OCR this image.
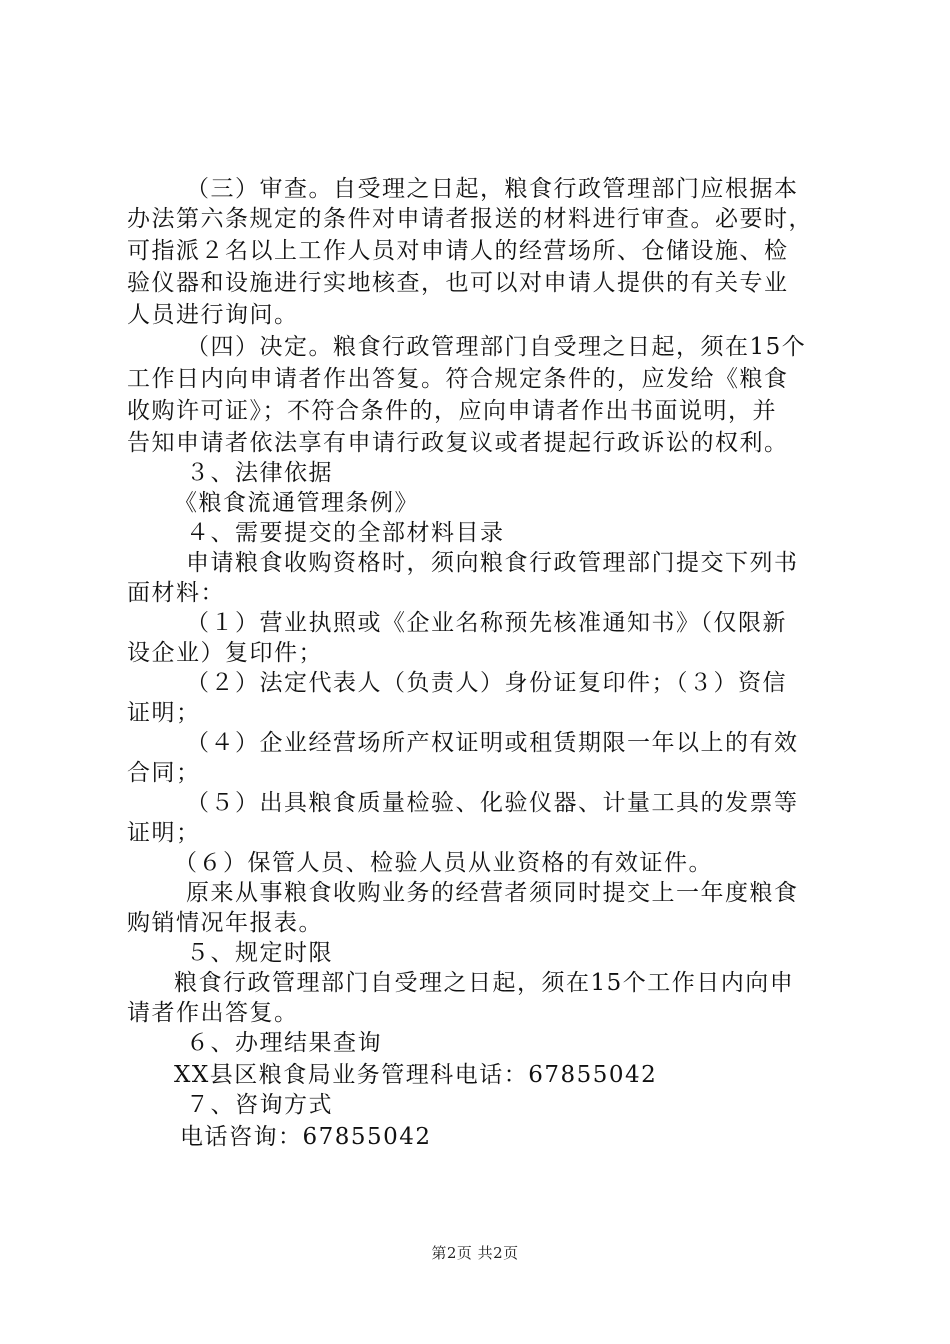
（三）审查。自受理之日起，粮食行政管理部门应根据本
办法第六条规定的条件对申请者报送的材料进行审查。必要时，
可指派２名以上工作人员对申请人的经营场所、仓储设施、检
验仪器和设施进行实地核查，也可以对申请人提供的有关专业
人员进行询问。
（四）决定。粮食行政管理部门自受理之日起，须在15个
工作日内向申请者作出答复。符合规定条件的，应发给《粮食
收购许可证》；不符合条件的，应向申请者作出书面说明，并
告知申请者依法享有申请行政复议或者提起行政诉讼的权利。
３、法律依据
《粮食流通管理条例》
４、需要提交的全部材料目录
申请粮食收购资格时，须向粮食行政管理部门提交下列书
面材料：
（１）营业执照或《企业名称预先核准通知书》（仅限新
设企业）复印件；
（２）法定代表人（负责人）身份证复印件；（３）资信
证明；
（４）企业经营场所产权证明或租赁期限一年以上的有效
合同；
（５）出具粮食质量检验、化验仪器、计量工具的发票等
证明；
（６）保管人员、检验人员从业资格的有效证件。
原来从事粮食收购业务的经营者须同时提交上一年度粮食
购销情况年报表。
５、规定时限
粮食行政管理部门自受理之日起，须在15个工作日内向申
请者作出答复。
６、办理结果查询
XX县区粮食局业务管理科电话：67855042
７、咨询方式
电话咨询：67855042
第2页 共2页
